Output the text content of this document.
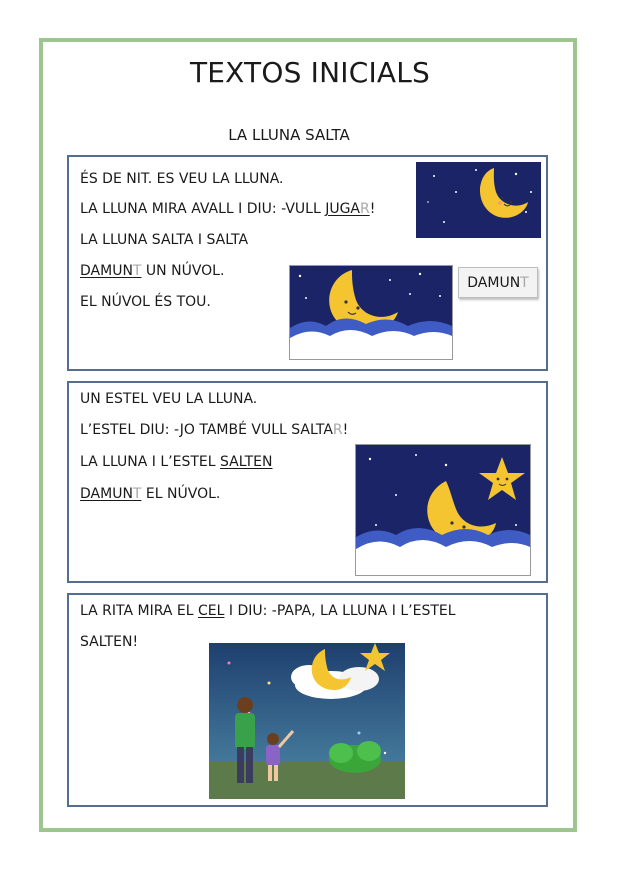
TEXTOS INICIALS
LA LLUNA SALTA
ÉS DE NIT. ES VEU LA LLUNA.
LA LLUNA MIRA AVALL I DIU: -VULL JUGAR!
LA LLUNA SALTA I SALTA
DAMUNT UN NÚVOL.
EL NÚVOL ÉS TOU.
DAMUN T
UN ESTEL VEU LA LLUNA.
L’ESTEL DIU: -JO TAMBÉ VULL SALTAR!
LA LLUNA I L’ESTEL SALTEN
DAMUNT EL NÚVOL.
LA RITA MIRA EL CEL I DIU: -PAPA, LA LLUNA I L’ESTEL
SALTEN!
